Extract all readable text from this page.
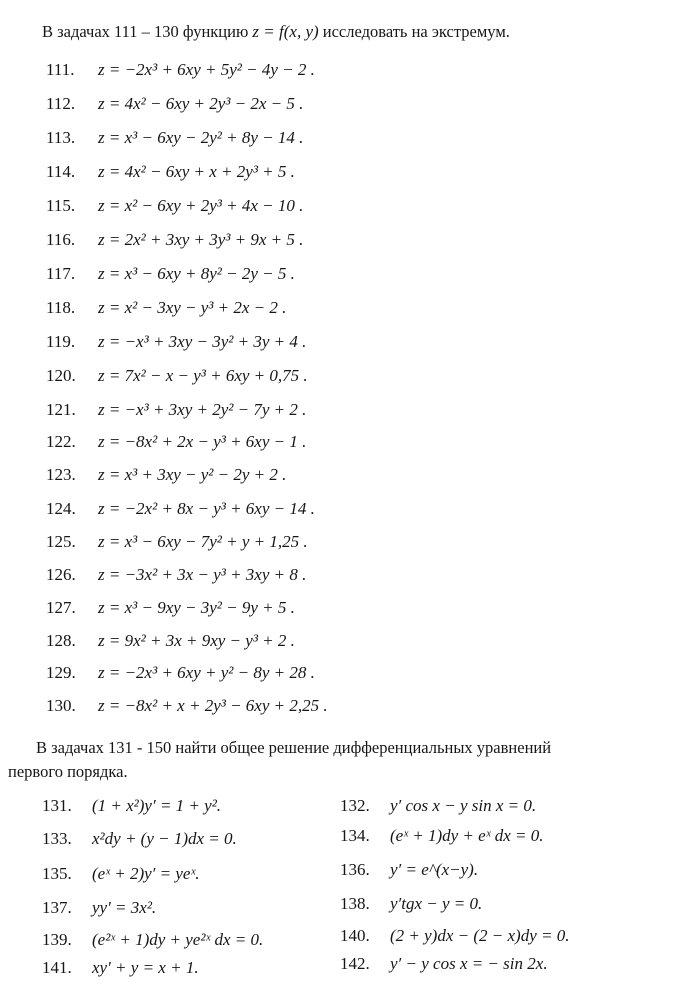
В задачах 111 – 130 функцию z = f(x, y) исследовать на экстремум.
111.	z = −2x³ + 6xy + 5y² − 4y − 2 .
112.	z = 4x² − 6xy + 2y³ − 2x − 5 .
113.	z = x³ − 6xy − 2y² + 8y − 14 .
114.	z = 4x² − 6xy + x + 2y³ + 5 .
115.	z = x² − 6xy + 2y³ + 4x − 10 .
116.	z = 2x² + 3xy + 3y³ + 9x + 5 .
117.	z = x³ − 6xy + 8y² − 2y − 5 .
118.	z = x² − 3xy − y³ + 2x − 2 .
119.	z = −x³ + 3xy − 3y² + 3y + 4 .
120.	z = 7x² − x − y³ + 6xy + 0,75 .
121.	z = −x³ + 3xy + 2y² − 7y + 2 .
122.	z = −8x² + 2x − y³ + 6xy − 1 .
123.	z = x³ + 3xy − y² − 2y + 2 .
124.	z = −2x² + 8x − y³ + 6xy − 14 .
125.	z = x³ − 6xy − 7y² + y + 1,25 .
126.	z = −3x² + 3x − y³ + 3xy + 8 .
127.	z = x³ − 9xy − 3y² − 9y + 5 .
128.	z = 9x² + 3x + 9xy − y³ + 2 .
129.	z = −2x³ + 6xy + y² − 8y + 28 .
130.	z = −8x² + x + 2y³ − 6xy + 2,25 .
В задачах 131 - 150 найти общее решение дифференциальных уравнений
первого порядка.
131.	(1 + x²)y′ = 1 + y².	132.	y′ cos x − y sin x = 0.
133.	x²dy + (y − 1)dx = 0.	134.	(eˣ + 1)dy + eˣ dx = 0.
135.	(eˣ + 2)y′ = yeˣ.	136.	y′ = e^(x−y).
137.	yy′ = 3x².	138.	y′tgx − y = 0.
139.	(e²ˣ + 1)dy + ye²ˣ dx = 0.	140.	(2 + y)dx − (2 − x)dy = 0.
141.	xy′ + y = x + 1.	142.	y′ − y cos x = − sin 2x.
